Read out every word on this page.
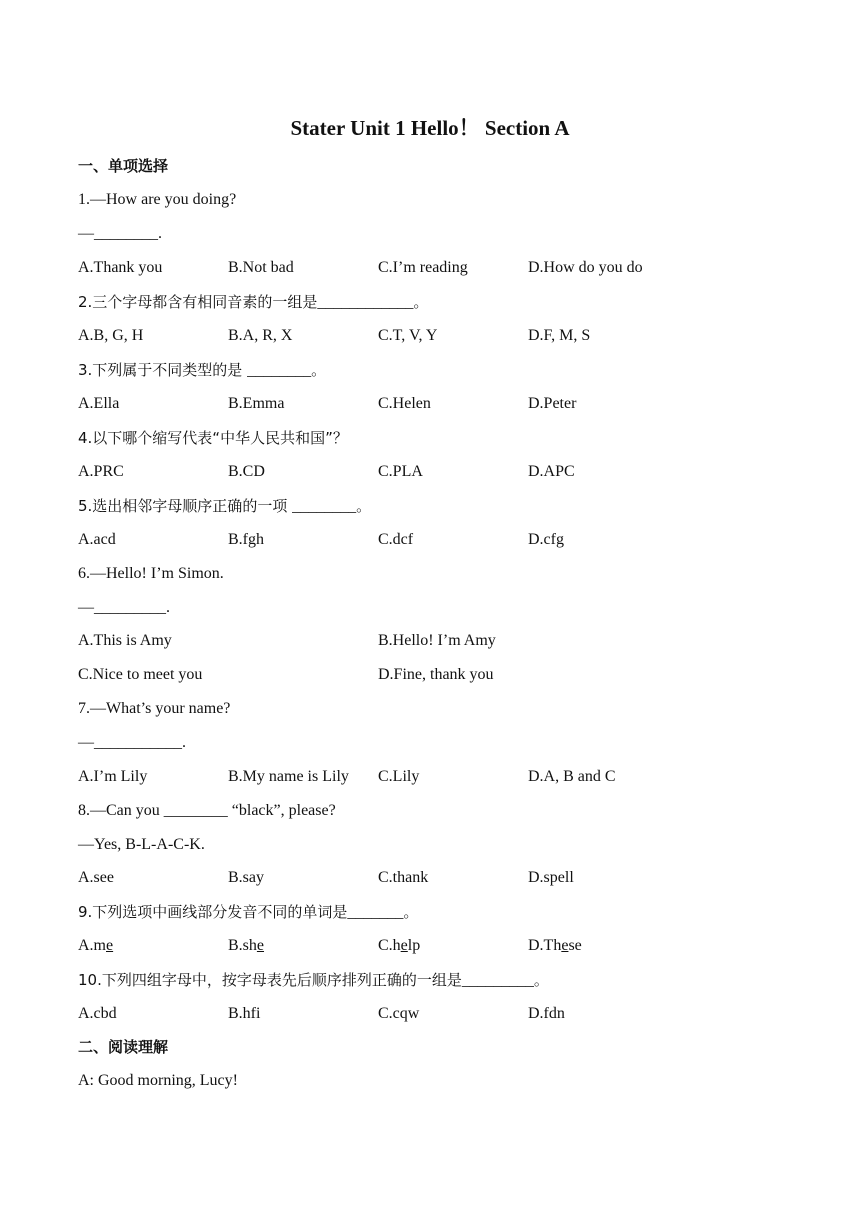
Stater Unit 1 Hello！ Section A
一、单项选择
1.—How are you doing?
—________.
A.Thank you	B.Not bad	C.I’m reading	D.How do you do
2.三个字母都含有相同音素的一组是____________。
A.B, G, H	B.A, R, X	C.T, V, Y	D.F, M, S
3.下列属于不同类型的是 ________。
A.Ella	B.Emma	C.Helen	D.Peter
4.以下哪个缩写代表“中华人民共和国”？
A.PRC	B.CD	C.PLA	D.APC
5.选出相邻字母顺序正确的一项 ________。
A.acd	B.fgh	C.dcf	D.cfg
6.—Hello! I’m Simon.
—_________.
A.This is Amy	B.Hello! I’m Amy
C.Nice to meet you	D.Fine, thank you
7.—What’s your name?
—___________.
A.I’m Lily	B.My name is Lily C.Lily	D.A, B and C
8.—Can you ________ “black”, please?
—Yes, B-L-A-C-K.
A.see	B.say	C.thank	D.spell
9.下列选项中画线部分发音不同的单词是_______。
A.me	B.she	C.help	D.These
10.下列四组字母中，按字母表先后顺序排列正确的一组是_________。
A.cbd	B.hfi	C.cqw	D.fdn
二、阅读理解
A: Good morning, Lucy!
